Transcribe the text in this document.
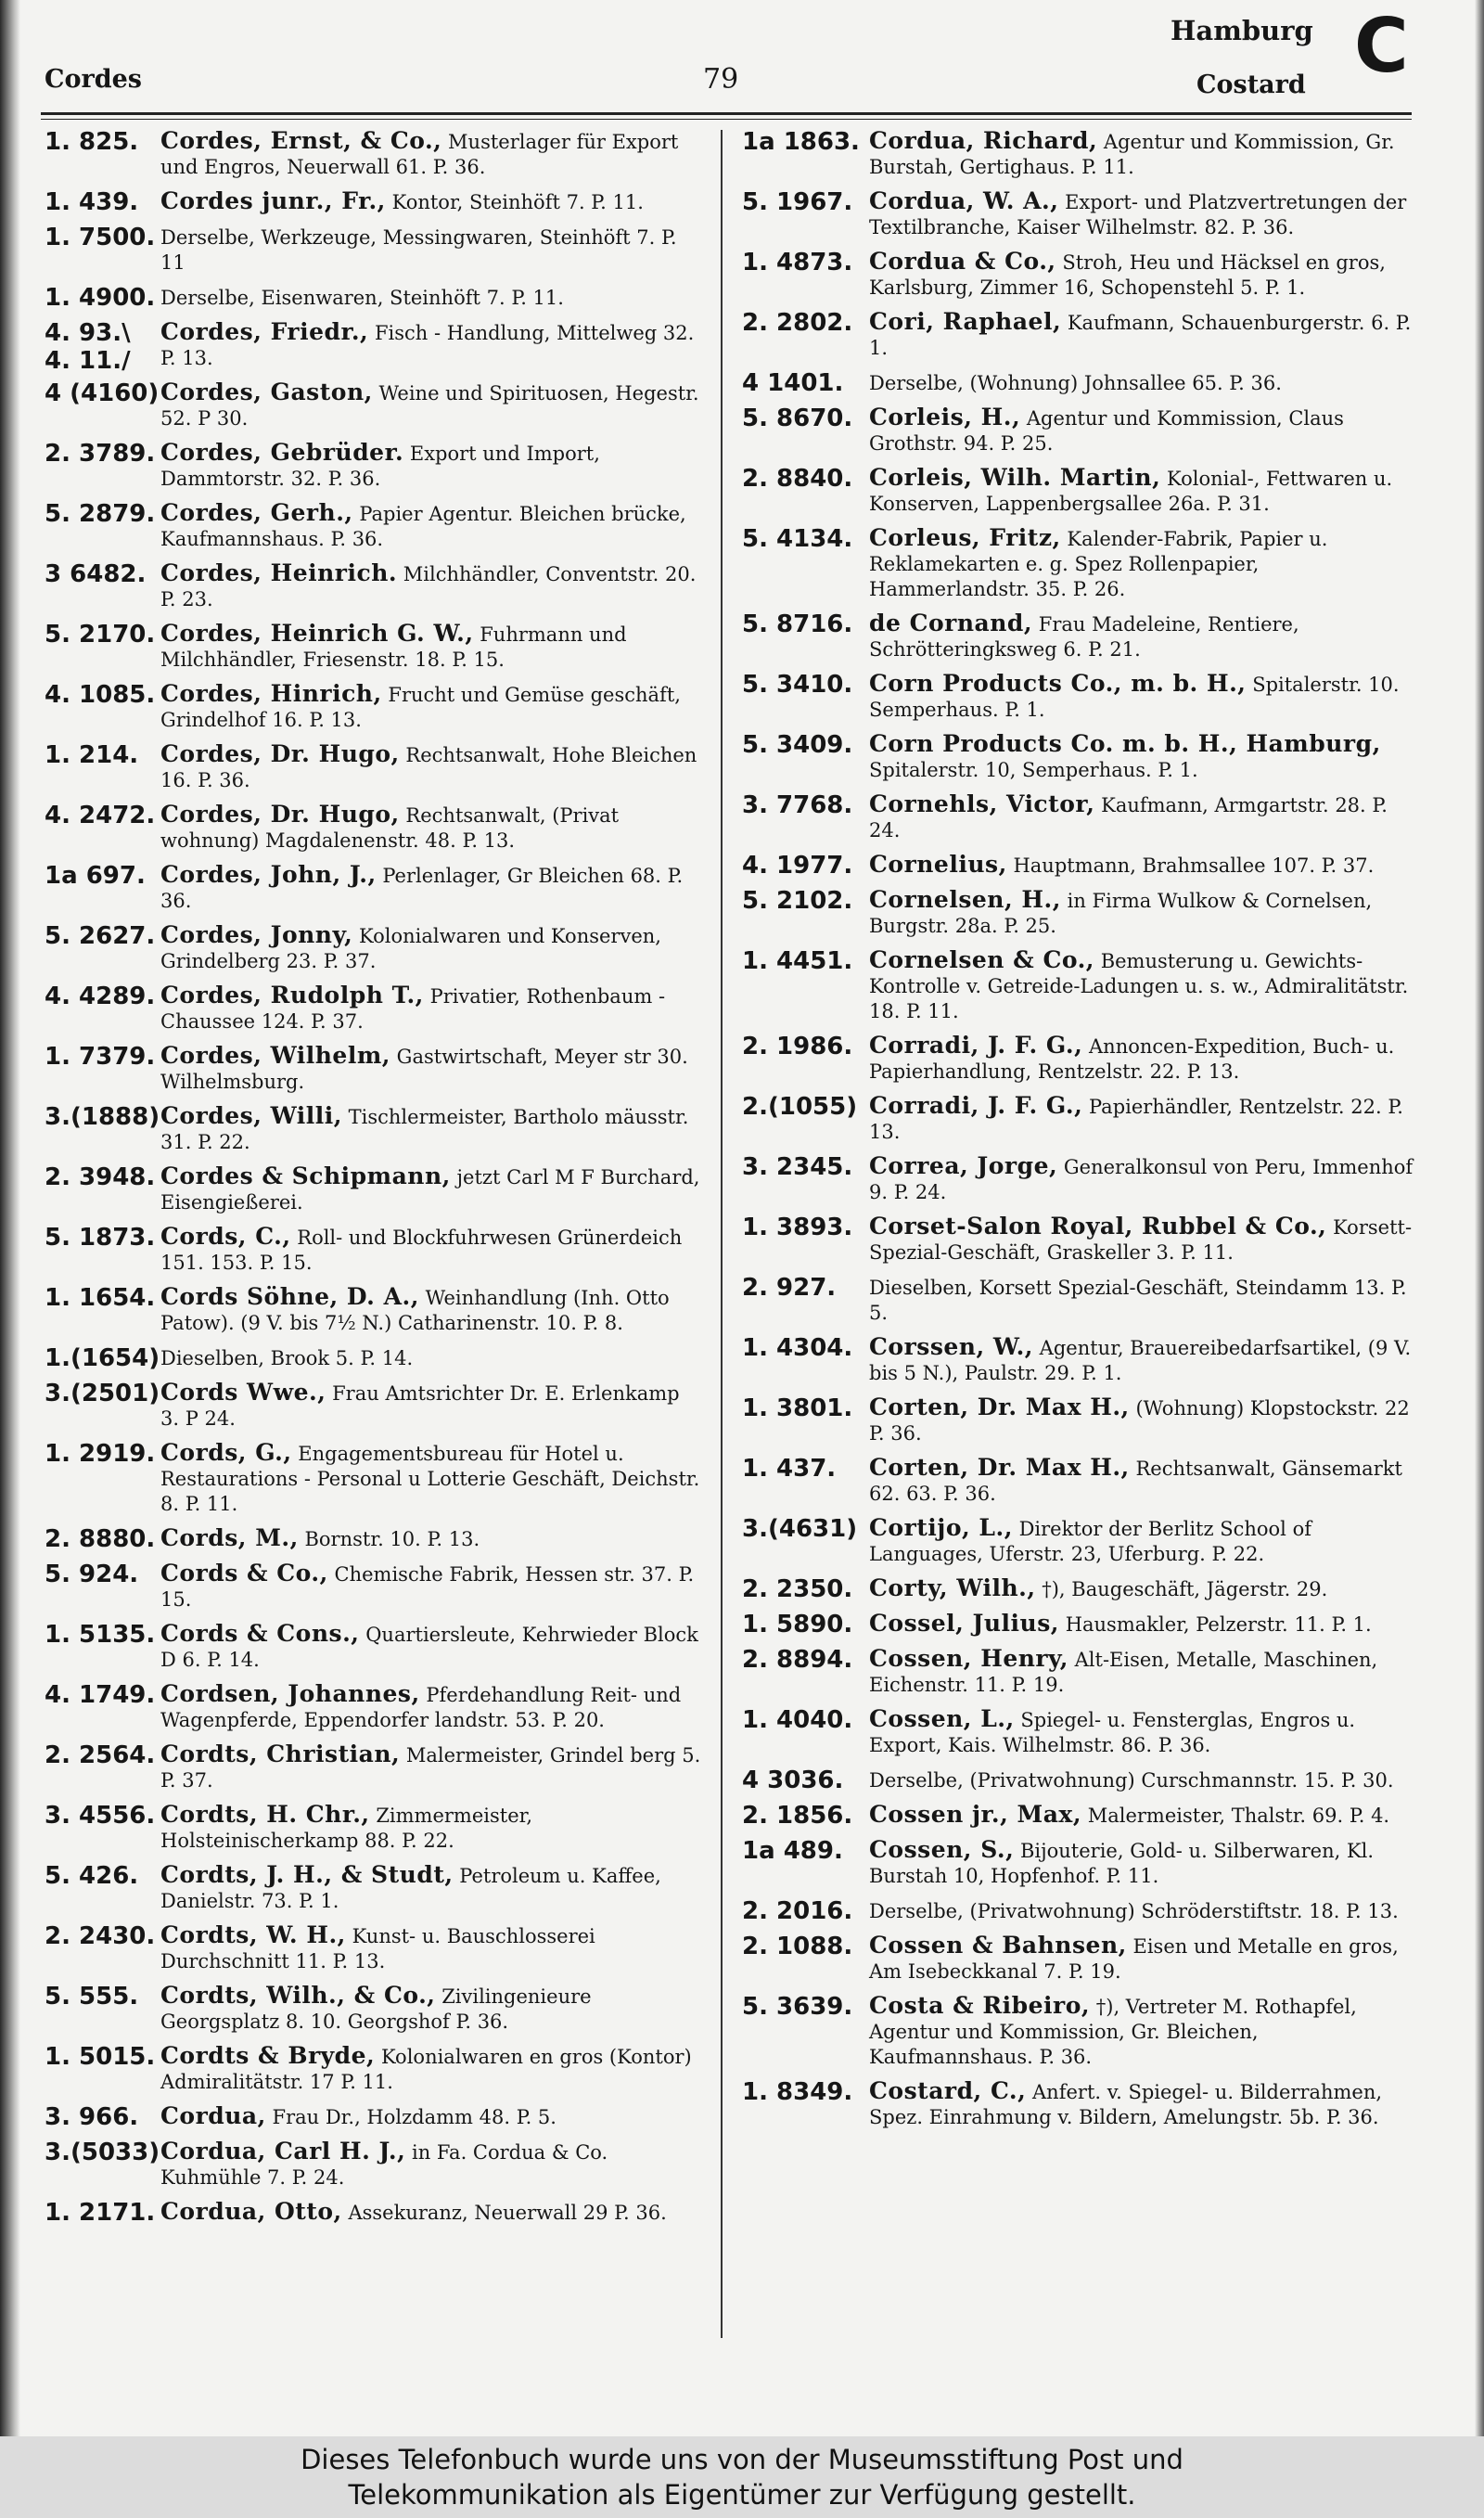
Cordes	79
Hamburg
Costard C
1. 825. Cordes, Ernst, & Co., Musterlager für Export und Engros, Neuerwall 61. P. 36.
1. 439. Cordes junr., Fr., Kontor, Steinhöft 7. P. 11.
1. 7500. Derselbe, Werkzeuge, Messingwaren, Steinhöft 7. P. 11
1. 4900. Derselbe, Eisenwaren, Steinhöft 7. P. 11.
4. 93.\
4. 11./
Cordes, Friedr., Fisch - Handlung, Mittelweg 32. P. 13.
4 (4160) Cordes, Gaston, Weine und Spirituosen, Hegestr. 52. P 30.
2. 3789. Cordes, Gebrüder. Export und Import, Dammtorstr. 32. P. 36.
5. 2879. Cordes, Gerh., Papier Agentur. Bleichen brücke, Kaufmannshaus. P. 36.
3 6482. Cordes, Heinrich. Milchhändler, Conventstr. 20. P. 23.
5. 2170. Cordes, Heinrich G. W., Fuhrmann und Milchhändler, Friesenstr. 18. P. 15.
4. 1085. Cordes, Hinrich, Frucht und Gemüse geschäft, Grindelhof 16. P. 13.
1. 214. Cordes, Dr. Hugo, Rechtsanwalt, Hohe Bleichen 16. P. 36.
4. 2472. Cordes, Dr. Hugo, Rechtsanwalt, (Privat wohnung) Magdalenenstr. 48. P. 13.
1a 697. Cordes, John, J., Perlenlager, Gr Bleichen 68. P. 36.
5. 2627. Cordes, Jonny, Kolonialwaren und Konserven, Grindelberg 23. P. 37.
4. 4289. Cordes, Rudolph T., Privatier, Rothenbaum - Chaussee 124. P. 37.
1. 7379. Cordes, Wilhelm, Gastwirtschaft, Meyer str 30. Wilhelmsburg.
3.(1888) Cordes, Willi, Tischlermeister, Bartholo mäusstr. 31. P. 22.
2. 3948. Cordes & Schipmann, jetzt Carl M F Burchard, Eisengießerei.
5. 1873. Cords, C., Roll- und Blockfuhrwesen Grünerdeich 151. 153. P. 15.
1. 1654. Cords Söhne, D. A., Weinhandlung (Inh. Otto Patow). (9 V. bis 7½ N.) Catharinenstr. 10. P. 8.
1.(1654) Dieselben, Brook 5. P. 14.
3.(2501) Cords Wwe., Frau Amtsrichter Dr. E. Erlenkamp 3. P 24.
1. 2919. Cords, G., Engagementsbureau für Hotel u. Restaurations - Personal u Lotterie Geschäft, Deichstr. 8. P. 11.
2. 8880. Cords, M., Bornstr. 10. P. 13.
5. 924. Cords & Co., Chemische Fabrik, Hessen str. 37. P. 15.
1. 5135. Cords & Cons., Quartiersleute, Kehrwieder Block D 6. P. 14.
4. 1749. Cordsen, Johannes, Pferdehandlung Reit- und Wagenpferde, Eppendorfer landstr. 53. P. 20.
2. 2564. Cordts, Christian, Malermeister, Grindel berg 5. P. 37.
3. 4556. Cordts, H. Chr., Zimmermeister, Holsteinischerkamp 88. P. 22.
5. 426. Cordts, J. H., & Studt, Petroleum u. Kaffee, Danielstr. 73. P. 1.
2. 2430. Cordts, W. H., Kunst- u. Bauschlosserei Durchschnitt 11. P. 13.
5. 555. Cordts, Wilh., & Co., Zivilingenieure Georgsplatz 8. 10. Georgshof P. 36.
1. 5015. Cordts & Bryde, Kolonialwaren en gros (Kontor) Admiralitätstr. 17 P. 11.
3. 966. Cordua, Frau Dr., Holzdamm 48. P. 5.
3.(5033) Cordua, Carl H. J., in Fa. Cordua & Co. Kuhmühle 7. P. 24.
1. 2171. Cordua, Otto, Assekuranz, Neuerwall 29 P. 36.
1a 1863. Cordua, Richard, Agentur und Kommission, Gr. Burstah, Gertighaus. P. 11.
5. 1967. Cordua, W. A., Export- und Platzvertretungen der Textilbranche, Kaiser Wilhelmstr. 82. P. 36.
1. 4873. Cordua & Co., Stroh, Heu und Häcksel en gros, Karlsburg, Zimmer 16, Schopenstehl 5. P. 1.
2. 2802. Cori, Raphael, Kaufmann, Schauenburgerstr. 6. P. 1.
4 1401. Derselbe, (Wohnung) Johnsallee 65. P. 36.
5. 8670. Corleis, H., Agentur und Kommission, Claus Grothstr. 94. P. 25.
2. 8840. Corleis, Wilh. Martin, Kolonial-, Fettwaren u. Konserven, Lappenbergsallee 26a. P. 31.
5. 4134. Corleus, Fritz, Kalender-Fabrik, Papier u. Reklamekarten e. g. Spez Rollenpapier, Hammerlandstr. 35. P. 26.
5. 8716. de Cornand, Frau Madeleine, Rentiere, Schrötteringksweg 6. P. 21.
5. 3410. Corn Products Co., m. b. H., Spitalerstr. 10. Semperhaus. P. 1.
5. 3409. Corn Products Co. m. b. H., Hamburg, Spitalerstr. 10, Semperhaus. P. 1.
3. 7768. Cornehls, Victor, Kaufmann, Armgartstr. 28. P. 24.
4. 1977. Cornelius, Hauptmann, Brahmsallee 107. P. 37.
5. 2102. Cornelsen, H., in Firma Wulkow & Cornelsen, Burgstr. 28a. P. 25.
1. 4451. Cornelsen & Co., Bemusterung u. Gewichts-Kontrolle v. Getreide-Ladungen u. s. w., Admiralitätstr. 18. P. 11.
2. 1986. Corradi, J. F. G., Annoncen-Expedition, Buch- u. Papierhandlung, Rentzelstr. 22. P. 13.
2.(1055) Corradi, J. F. G., Papierhändler, Rentzelstr. 22. P. 13.
3. 2345. Correa, Jorge, Generalkonsul von Peru, Immenhof 9. P. 24.
1. 3893. Corset-Salon Royal, Rubbel & Co., Korsett-Spezial-Geschäft, Graskeller 3. P. 11.
2. 927. Dieselben, Korsett Spezial-Geschäft, Steindamm 13. P. 5.
1. 4304. Corssen, W., Agentur, Brauereibedarfsartikel, (9 V. bis 5 N.), Paulstr. 29. P. 1.
1. 3801. Corten, Dr. Max H., (Wohnung) Klopstockstr. 22 P. 36.
1. 437. Corten, Dr. Max H., Rechtsanwalt, Gänsemarkt 62. 63. P. 36.
3.(4631) Cortijo, L., Direktor der Berlitz School of Languages, Uferstr. 23, Uferburg. P. 22.
2. 2350. Corty, Wilh., †), Baugeschäft, Jägerstr. 29.
1. 5890. Cossel, Julius, Hausmakler, Pelzerstr. 11. P. 1.
2. 8894. Cossen, Henry, Alt-Eisen, Metalle, Maschinen, Eichenstr. 11. P. 19.
1. 4040. Cossen, L., Spiegel- u. Fensterglas, Engros u. Export, Kais. Wilhelmstr. 86. P. 36.
4 3036. Derselbe, (Privatwohnung) Curschmannstr. 15. P. 30.
2. 1856. Cossen jr., Max, Malermeister, Thalstr. 69. P. 4.
1a 489. Cossen, S., Bijouterie, Gold- u. Silberwaren, Kl. Burstah 10, Hopfenhof. P. 11.
2. 2016. Derselbe, (Privatwohnung) Schröderstiftstr. 18. P. 13.
2. 1088. Cossen & Bahnsen, Eisen und Metalle en gros, Am Isebeckkanal 7. P. 19.
5. 3639. Costa & Ribeiro, †), Vertreter M. Rothapfel, Agentur und Kommission, Gr. Bleichen, Kaufmannshaus. P. 36.
1. 8349. Costard, C., Anfert. v. Spiegel- u. Bilderrahmen, Spez. Einrahmung v. Bildern, Amelungstr. 5b. P. 36.
Dieses Telefonbuch wurde uns von der Museumsstiftung Post und
Telekommunikation als Eigentümer zur Verfügung gestellt.
